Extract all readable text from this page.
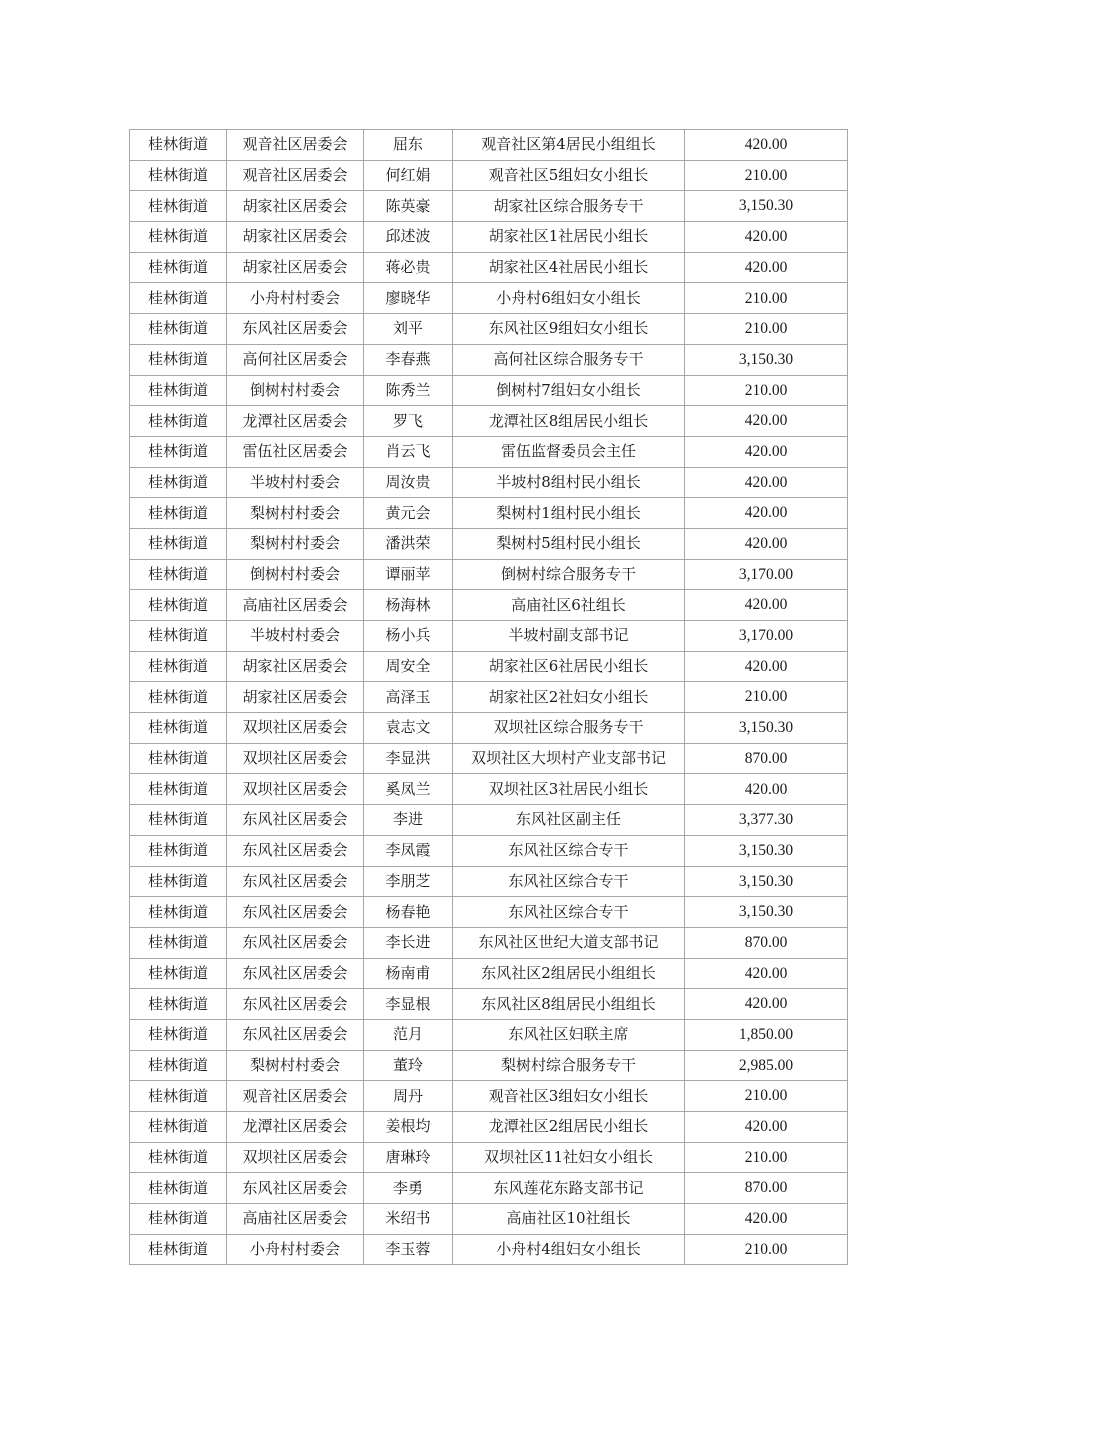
桂林街道	观音社区居委会	屈东	观音社区第4居民小组组长	420.00
桂林街道	观音社区居委会	何红娟	观音社区5组妇女小组长	210.00
桂林街道	胡家社区居委会	陈英豪	胡家社区综合服务专干	3,150.30
桂林街道	胡家社区居委会	邱述波	胡家社区1社居民小组长	420.00
桂林街道	胡家社区居委会	蒋必贵	胡家社区4社居民小组长	420.00
桂林街道	小舟村村委会	廖晓华	小舟村6组妇女小组长	210.00
桂林街道	东风社区居委会	刘平	东风社区9组妇女小组长	210.00
桂林街道	高何社区居委会	李春燕	高何社区综合服务专干	3,150.30
桂林街道	倒树村村委会	陈秀兰	倒树村7组妇女小组长	210.00
桂林街道	龙潭社区居委会	罗飞	龙潭社区8组居民小组长	420.00
桂林街道	雷伍社区居委会	肖云飞	雷伍监督委员会主任	420.00
桂林街道	半坡村村委会	周汝贵	半坡村8组村民小组长	420.00
桂林街道	梨树村村委会	黄元会	梨树村1组村民小组长	420.00
桂林街道	梨树村村委会	潘洪荣	梨树村5组村民小组长	420.00
桂林街道	倒树村村委会	谭丽苹	倒树村综合服务专干	3,170.00
桂林街道	高庙社区居委会	杨海林	高庙社区6社组长	420.00
桂林街道	半坡村村委会	杨小兵	半坡村副支部书记	3,170.00
桂林街道	胡家社区居委会	周安全	胡家社区6社居民小组长	420.00
桂林街道	胡家社区居委会	高泽玉	胡家社区2社妇女小组长	210.00
桂林街道	双坝社区居委会	袁志文	双坝社区综合服务专干	3,150.30
桂林街道	双坝社区居委会	李显洪	双坝社区大坝村产业支部书记	870.00
桂林街道	双坝社区居委会	奚凤兰	双坝社区3社居民小组长	420.00
桂林街道	东风社区居委会	李进	东风社区副主任	3,377.30
桂林街道	东风社区居委会	李凤霞	东风社区综合专干	3,150.30
桂林街道	东风社区居委会	李朋芝	东风社区综合专干	3,150.30
桂林街道	东风社区居委会	杨春艳	东风社区综合专干	3,150.30
桂林街道	东风社区居委会	李长进	东风社区世纪大道支部书记	870.00
桂林街道	东风社区居委会	杨南甫	东风社区2组居民小组组长	420.00
桂林街道	东风社区居委会	李显根	东风社区8组居民小组组长	420.00
桂林街道	东风社区居委会	范月	东风社区妇联主席	1,850.00
桂林街道	梨树村村委会	董玲	梨树村综合服务专干	2,985.00
桂林街道	观音社区居委会	周丹	观音社区3组妇女小组长	210.00
桂林街道	龙潭社区居委会	姜根均	龙潭社区2组居民小组长	420.00
桂林街道	双坝社区居委会	唐琳玲	双坝社区11社妇女小组长	210.00
桂林街道	东风社区居委会	李勇	东风莲花东路支部书记	870.00
桂林街道	高庙社区居委会	米绍书	高庙社区10社组长	420.00
桂林街道	小舟村村委会	李玉蓉	小舟村4组妇女小组长	210.00
